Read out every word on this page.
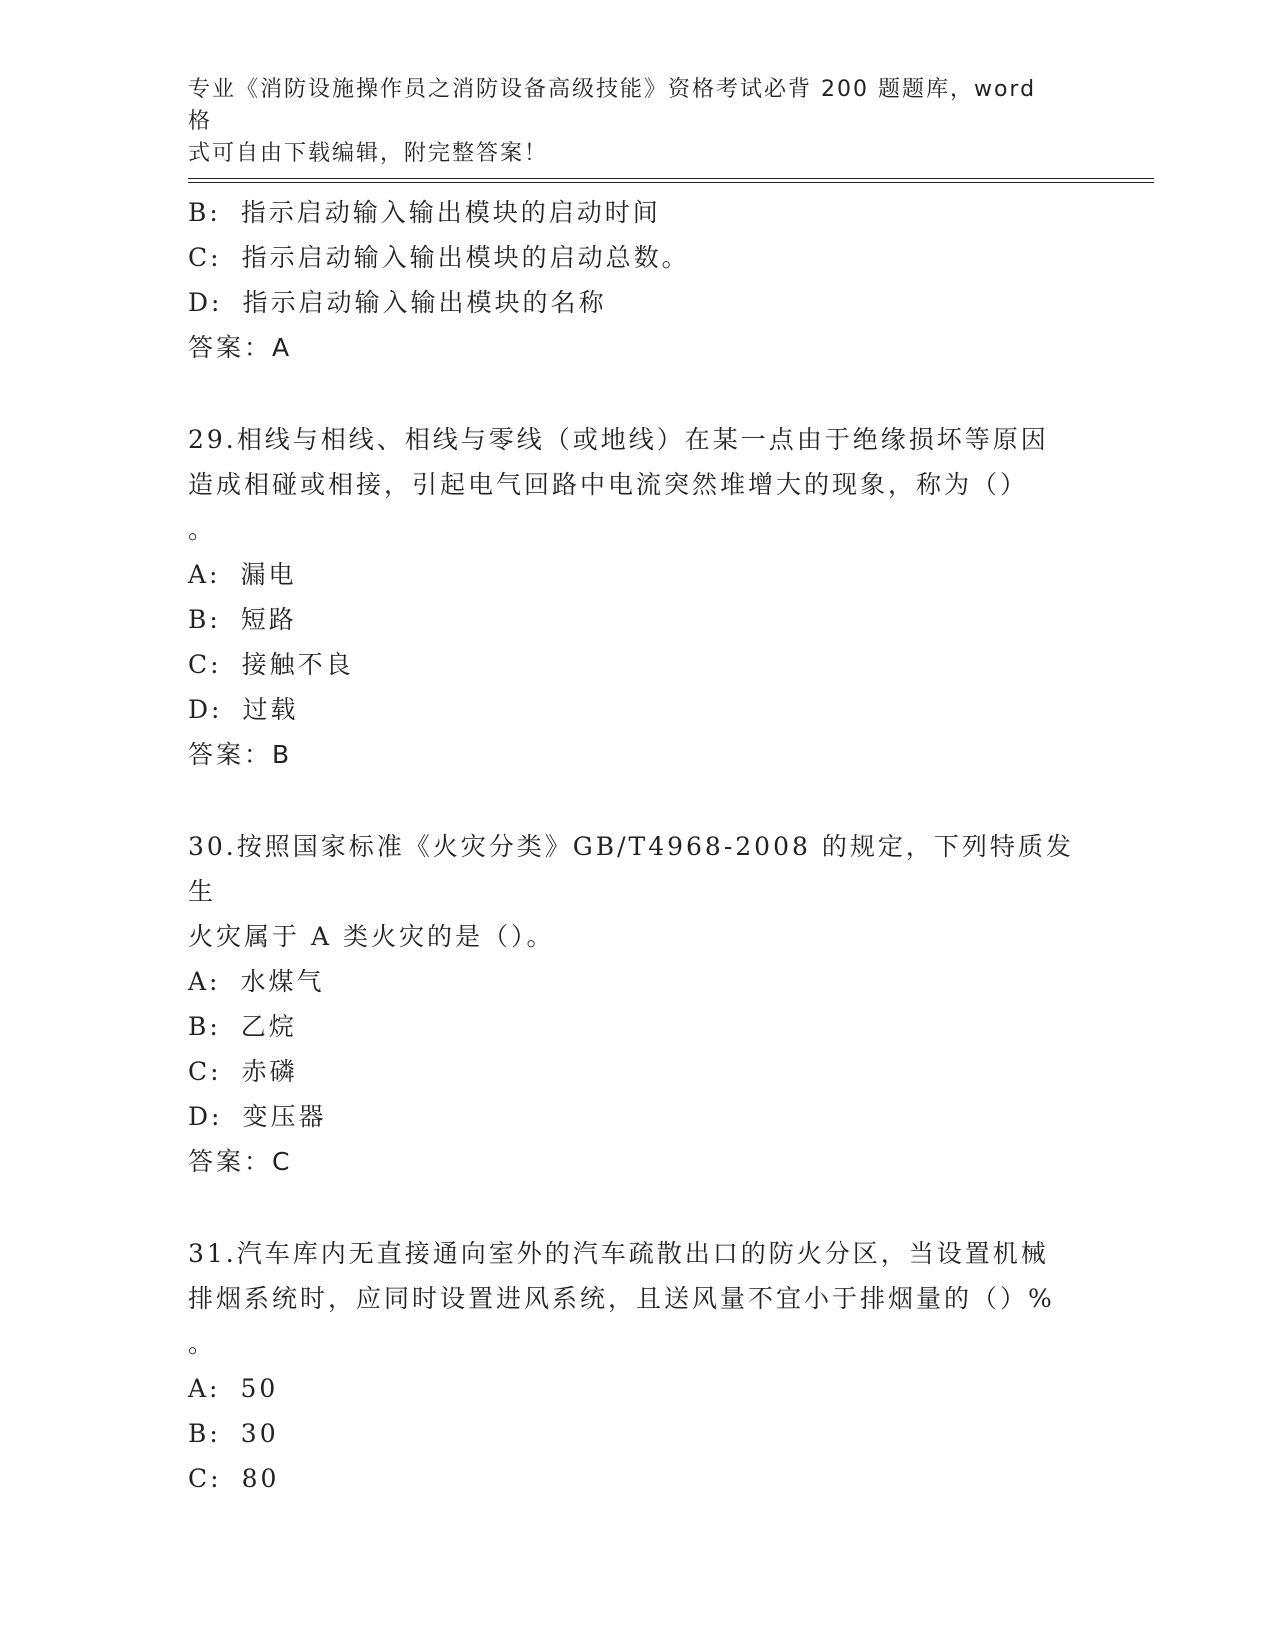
专业《消防设施操作员之消防设备高级技能》资格考试必背 200 题题库，word 格
式可自由下载编辑，附完整答案！
B: 指示启动输入输出模块的启动时间
C: 指示启动输入输出模块的启动总数。
D: 指示启动输入输出模块的名称
答案：A
29.相线与相线、相线与零线（或地线）在某一点由于绝缘损坏等原因
造成相碰或相接，引起电气回路中电流突然堆增大的现象，称为（）
。
A: 漏电
B: 短路
C: 接触不良
D: 过载
答案：B
30.按照国家标准《火灾分类》GB/T4968-2008 的规定，下列特质发生
火灾属于 A 类火灾的是（）。
A: 水煤气
B: 乙烷
C: 赤磷
D: 变压器
答案：C
31.汽车库内无直接通向室外的汽车疏散出口的防火分区，当设置机械
排烟系统时，应同时设置进风系统，且送风量不宜小于排烟量的（）%
。
A: 50
B: 30
C: 80
